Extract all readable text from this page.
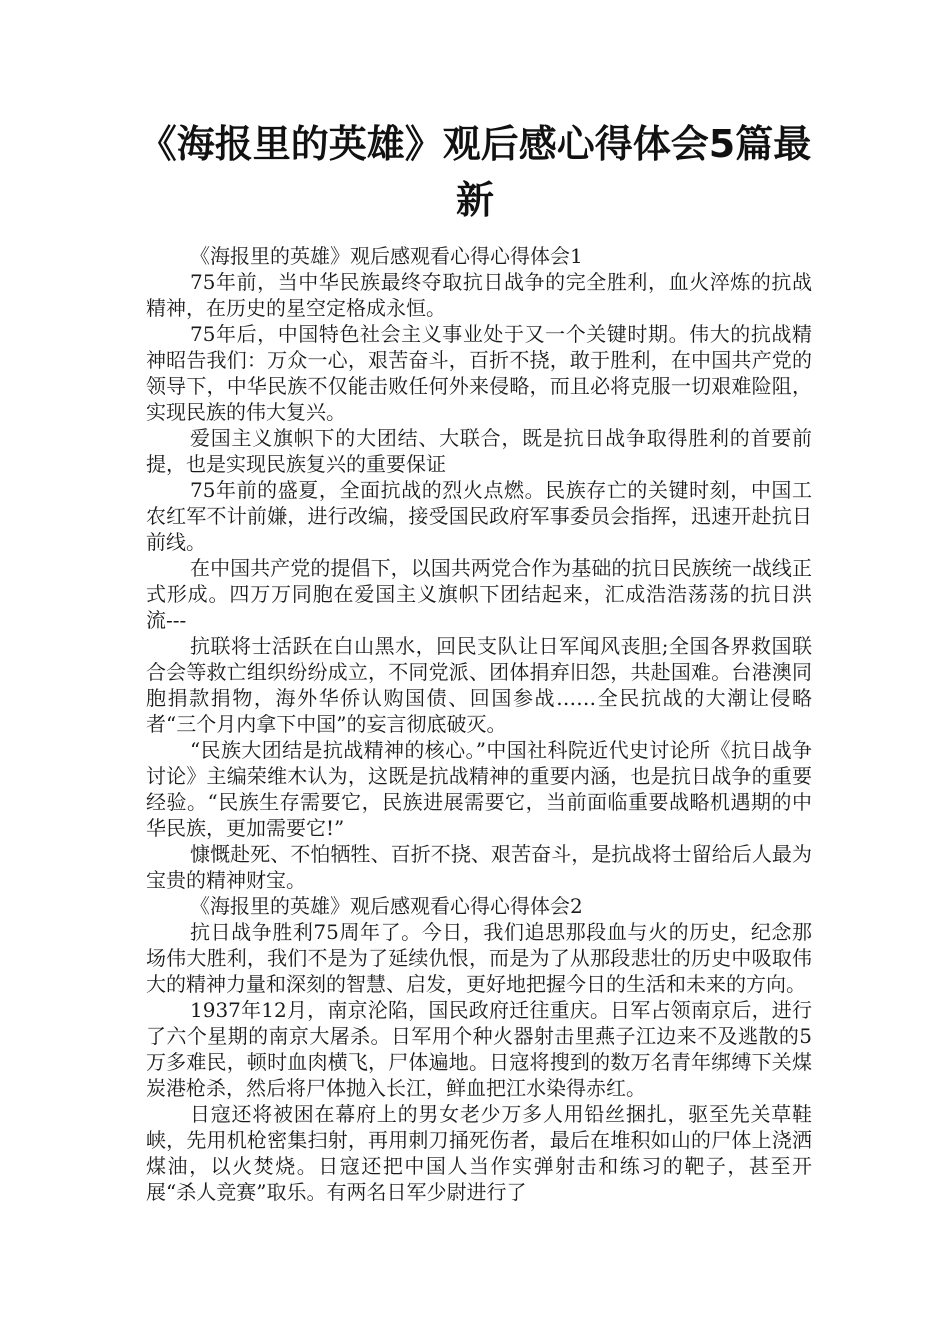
《海报里的英雄》观后感心得体会5篇最新

《海报里的英雄》观后感观看心得心得体会1

75年前，当中华民族最终夺取抗日战争的完全胜利，血火淬炼的抗战精神，在历史的星空定格成永恒。

75年后，中国特色社会主义事业处于又一个关键时期。伟大的抗战精神昭告我们：万众一心，艰苦奋斗，百折不挠，敢于胜利，在中国共产党的领导下，中华民族不仅能击败任何外来侵略，而且必将克服一切艰难险阻，实现民族的伟大复兴。

爱国主义旗帜下的大团结、大联合，既是抗日战争取得胜利的首要前提，也是实现民族复兴的重要保证

75年前的盛夏，全面抗战的烈火点燃。民族存亡的关键时刻，中国工农红军不计前嫌，进行改编，接受国民政府军事委员会指挥，迅速开赴抗日前线。

在中国共产党的提倡下，以国共两党合作为基础的抗日民族统一战线正式形成。四万万同胞在爱国主义旗帜下团结起来，汇成浩浩荡荡的抗日洪流---

抗联将士活跃在白山黑水，回民支队让日军闻风丧胆;全国各界救国联合会等救亡组织纷纷成立，不同党派、团体捐弃旧怨，共赴国难。台港澳同胞捐款捐物，海外华侨认购国债、回国参战……全民抗战的大潮让侵略者“三个月内拿下中国”的妄言彻底破灭。

“民族大团结是抗战精神的核心。”中国社科院近代史讨论所《抗日战争讨论》主编荣维木认为，这既是抗战精神的重要内涵，也是抗日战争的重要经验。“民族生存需要它，民族进展需要它，当前面临重要战略机遇期的中华民族，更加需要它!”

慷慨赴死、不怕牺牲、百折不挠、艰苦奋斗，是抗战将士留给后人最为宝贵的精神财宝。

《海报里的英雄》观后感观看心得心得体会2

抗日战争胜利75周年了。今日，我们追思那段血与火的历史，纪念那场伟大胜利，我们不是为了延续仇恨，而是为了从那段悲壮的历史中吸取伟大的精神力量和深刻的智慧、启发，更好地把握今日的生活和未来的方向。

1937年12月，南京沦陷，国民政府迁往重庆。日军占领南京后，进行了六个星期的南京大屠杀。日军用个种火器射击里燕子江边来不及逃散的5万多难民，顿时血肉横飞，尸体遍地。日寇将搜到的数万名青年绑缚下关煤炭港枪杀，然后将尸体抛入长江，鲜血把江水染得赤红。

日寇还将被困在幕府上的男女老少万多人用铅丝捆扎，驱至先关草鞋峡，先用机枪密集扫射，再用刺刀捅死伤者，最后在堆积如山的尸体上浇洒煤油，以火焚烧。日寇还把中国人当作实弹射击和练习的靶子，甚至开展“杀人竞赛”取乐。有两名日军少尉进行了
